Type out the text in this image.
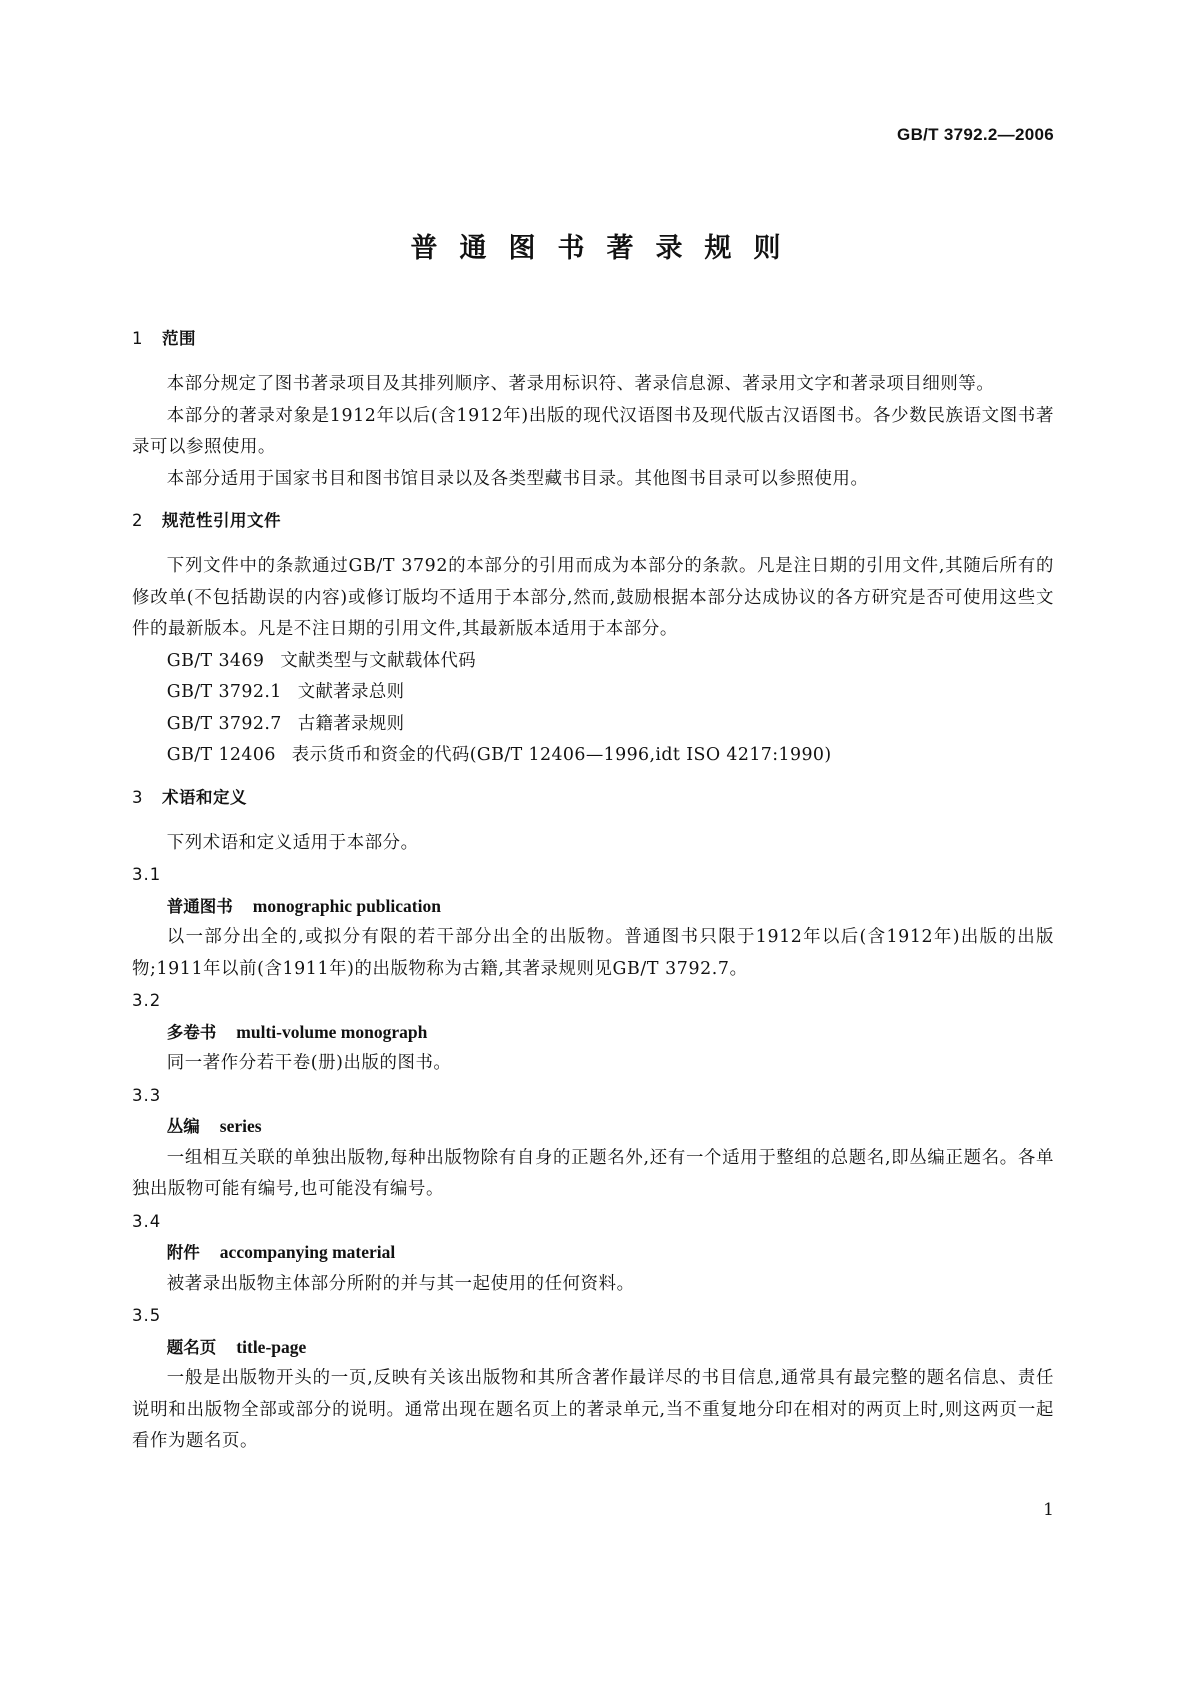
GB/T 3792.2—2006
普通图书著录规则
1 范围

本部分规定了图书著录项目及其排列顺序、著录用标识符、著录信息源、著录用文字和著录项目细则等。

本部分的著录对象是1912年以后(含1912年)出版的现代汉语图书及现代版古汉语图书。各少数民族语文图书著录可以参照使用。

本部分适用于国家书目和图书馆目录以及各类型藏书目录。其他图书目录可以参照使用。

2 规范性引用文件

下列文件中的条款通过GB/T 3792的本部分的引用而成为本部分的条款。凡是注日期的引用文件,其随后所有的修改单(不包括勘误的内容)或修订版均不适用于本部分,然而,鼓励根据本部分达成协议的各方研究是否可使用这些文件的最新版本。凡是不注日期的引用文件,其最新版本适用于本部分。

GB/T 3469 文献类型与文献载体代码

GB/T 3792.1 文献著录总则

GB/T 3792.7 古籍著录规则

GB/T 12406 表示货币和资金的代码(GB/T 12406—1996,idt ISO 4217:1990)

3 术语和定义

下列术语和定义适用于本部分。

3.1
普通图书 monographic publication

以一部分出全的,或拟分有限的若干部分出全的出版物。普通图书只限于1912年以后(含1912年)出版的出版物;1911年以前(含1911年)的出版物称为古籍,其著录规则见GB/T 3792.7。

3.2
多卷书 multi-volume monograph

同一著作分若干卷(册)出版的图书。

3.3
丛编 series

一组相互关联的单独出版物,每种出版物除有自身的正题名外,还有一个适用于整组的总题名,即丛编正题名。各单独出版物可能有编号,也可能没有编号。

3.4
附件 accompanying material

被著录出版物主体部分所附的并与其一起使用的任何资料。

3.5
题名页 title-page

一般是出版物开头的一页,反映有关该出版物和其所含著作最详尽的书目信息,通常具有最完整的题名信息、责任说明和出版物全部或部分的说明。通常出现在题名页上的著录单元,当不重复地分印在相对的两页上时,则这两页一起看作为题名页。

1
